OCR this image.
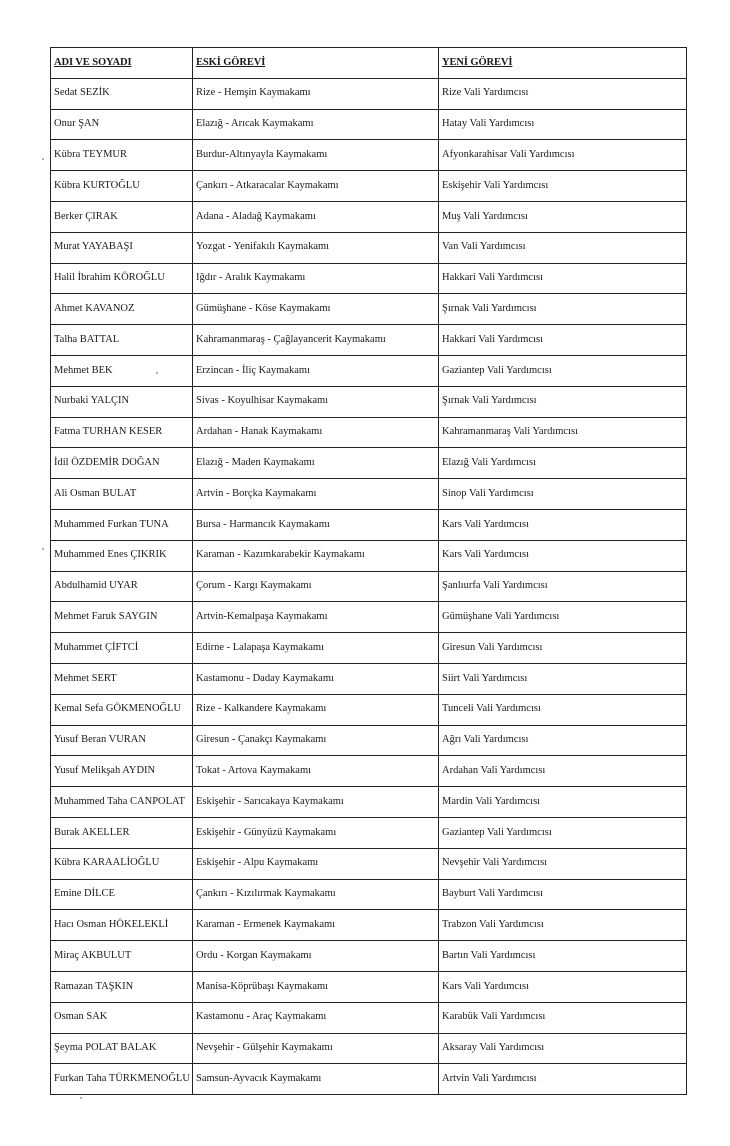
ADI VE SOYADI	ESKİ GÖREVİ	YENİ GÖREVİ
Sedat SEZİK	Rize - Hemşin Kaymakamı	Rize Vali Yardımcısı
Onur ŞAN	Elazığ - Arıcak Kaymakamı	Hatay Vali Yardımcısı
Kübra TEYMUR	Burdur-Altınyayla Kaymakamı	Afyonkarahisar Vali Yardımcısı
Kübra KURTOĞLU	Çankırı - Atkaracalar Kaymakamı	Eskişehir Vali Yardımcısı
Berker ÇIRAK	Adana - Aladağ Kaymakamı	Muş Vali Yardımcısı
Murat YAYABAŞI	Yozgat - Yenifakılı Kaymakamı	Van Vali Yardımcısı
Halil İbrahim KÖROĞLU	Iğdır - Aralık Kaymakamı	Hakkari Vali Yardımcısı
Ahmet KAVANOZ	Gümüşhane - Köse Kaymakamı	Şırnak Vali Yardımcısı
Talha BATTAL	Kahramanmaraş - Çağlayancerit Kaymakamı	Hakkari Vali Yardımcısı
Mehmet BEK	Erzincan - İliç Kaymakamı	Gaziantep Vali Yardımcısı
Nurbaki YALÇIN	Sivas - Koyulhisar Kaymakamı	Şırnak Vali Yardımcısı
Fatma TURHAN KESER	Ardahan - Hanak Kaymakamı	Kahramanmaraş Vali Yardımcısı
İdil ÖZDEMİR DOĞAN	Elazığ - Maden Kaymakamı	Elazığ Vali Yardımcısı
Ali Osman BULAT	Artvin - Borçka Kaymakamı	Sinop Vali Yardımcısı
Muhammed Furkan TUNA	Bursa - Harmancık Kaymakamı	Kars Vali Yardımcısı
Muhammed Enes ÇIKRIK	Karaman - Kazımkarabekir Kaymakamı	Kars Vali Yardımcısı
Abdulhamid UYAR	Çorum - Kargı Kaymakamı	Şanlıurfa Vali Yardımcısı
Mehmet Faruk SAYGIN	Artvin-Kemalpaşa Kaymakamı	Gümüşhane Vali Yardımcısı
Muhammet ÇİFTCİ	Edirne - Lalapaşa Kaymakamı	Giresun Vali Yardımcısı
Mehmet SERT	Kastamonu - Daday Kaymakamı	Siirt Vali Yardımcısı
Kemal Sefa GÖKMENOĞLU	Rize - Kalkandere Kaymakamı	Tunceli Vali Yardımcısı
Yusuf Beran VURAN	Giresun - Çanakçı Kaymakamı	Ağrı Vali Yardımcısı
Yusuf Melikşah AYDIN	Tokat - Artova Kaymakamı	Ardahan Vali Yardımcısı
Muhammed Taha CANPOLAT	Eskişehir - Sarıcakaya Kaymakamı	Mardin Vali Yardımcısı
Burak AKELLER	Eskişehir - Günyüzü Kaymakamı	Gaziantep Vali Yardımcısı
Kübra KARAALİOĞLU	Eskişehir - Alpu Kaymakamı	Nevşehir Vali Yardımcısı
Emine DİLCE	Çankırı - Kızılırmak Kaymakamı	Bayburt Vali Yardımcısı
Hacı Osman HÖKELEKLİ	Karaman - Ermenek Kaymakamı	Trabzon Vali Yardımcısı
Miraç AKBULUT	Ordu - Korgan Kaymakamı	Bartın Vali Yardımcısı
Ramazan TAŞKIN	Manisa-Köprübaşı Kaymakamı	Kars Vali Yardımcısı
Osman SAK	Kastamonu - Araç Kaymakamı	Karabük Vali Yardımcısı
Şeyma POLAT BALAK	Nevşehir - Gülşehir Kaymakamı	Aksaray Vali Yardımcısı
Furkan Taha TÜRKMENOĞLU	Samsun-Ayvacık Kaymakamı	Artvin Vali Yardımcısı
